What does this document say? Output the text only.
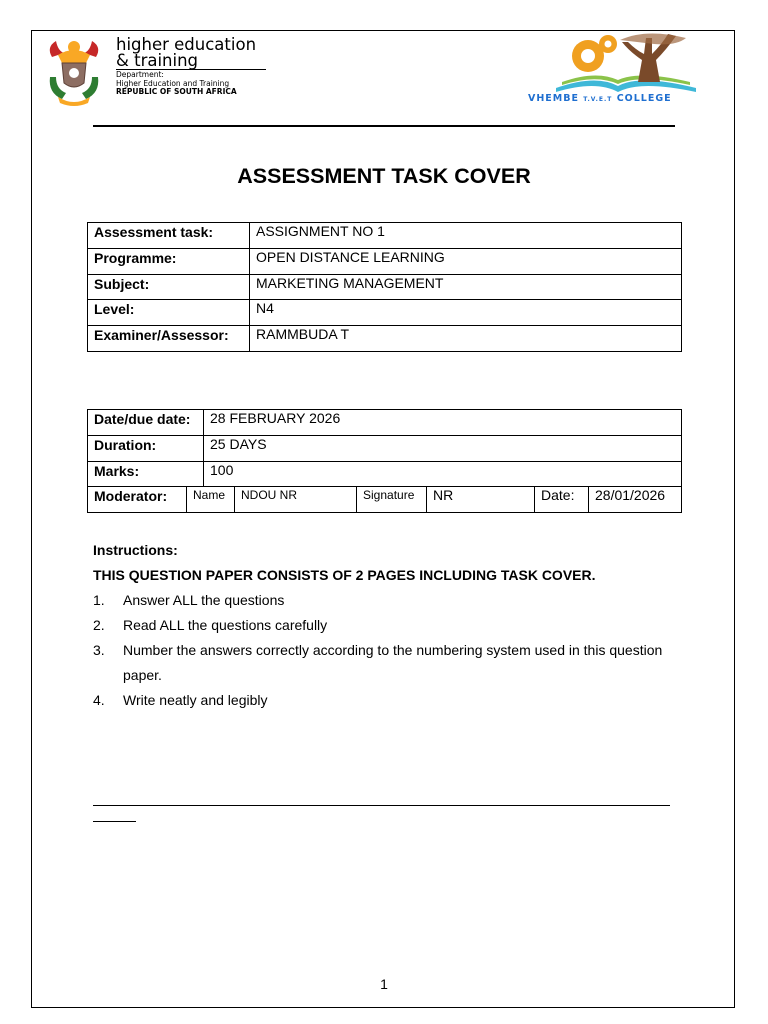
higher education
& training
Department:
Higher Education and Training
REPUBLIC OF SOUTH AFRICA
VHEMBE T.V.E.T COLLEGE
ASSESSMENT TASK COVER
Assessment task:	ASSIGNMENT NO 1
Programme:	OPEN DISTANCE LEARNING
Subject:	MARKETING MANAGEMENT
Level:	N4
Examiner/Assessor:	RAMMBUDA T
Date/due date:		28 FEBRUARY 2026					
Duration:		25 DAYS					
Marks:		100					
Moderator:	Name		NDOU NR	Signature	NR	Date:	28/01/2026
Instructions:
THIS QUESTION PAPER CONSISTS OF 2 PAGES INCLUDING TASK COVER.
1. Answer ALL the questions
2. Read ALL the questions carefully
3. Number the answers correctly according to the numbering system used in this question paper.
4. Write neatly and legibly
1
